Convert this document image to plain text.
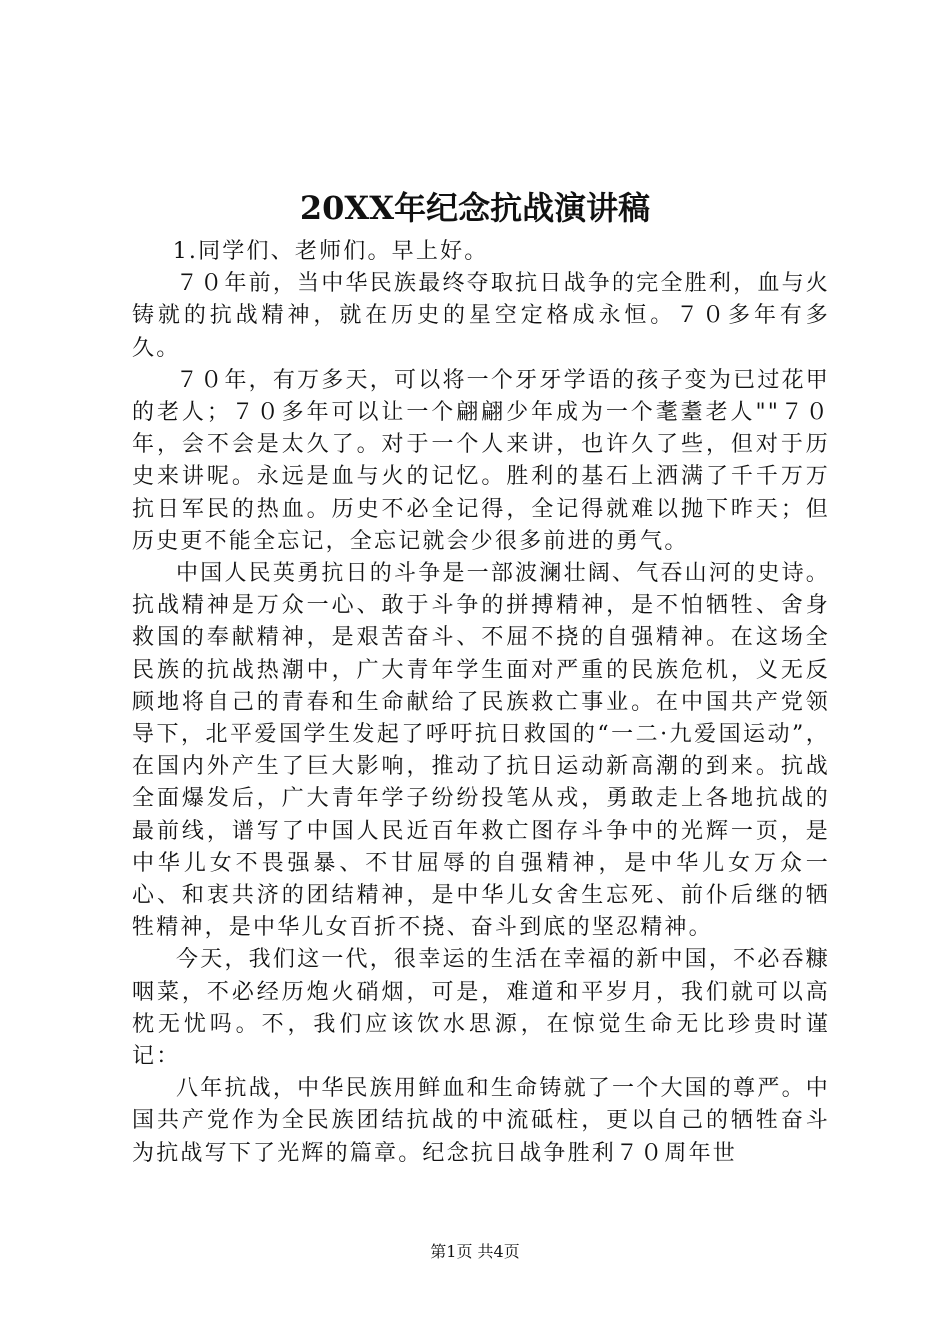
20XX年纪念抗战演讲稿

1.同学们、老师们。早上好。

７０年前，当中华民族最终夺取抗日战争的完全胜利，血与火铸就的抗战精神，就在历史的星空定格成永恒。７０多年有多久。

７０年，有万多天，可以将一个牙牙学语的孩子变为已过花甲的老人；７０多年可以让一个翩翩少年成为一个耄耋老人""７０年，会不会是太久了。对于一个人来讲，也许久了些，但对于历史来讲呢。永远是血与火的记忆。胜利的基石上洒满了千千万万抗日军民的热血。历史不必全记得，全记得就难以抛下昨天；但历史更不能全忘记，全忘记就会少很多前进的勇气。

中国人民英勇抗日的斗争是一部波澜壮阔、气吞山河的史诗。抗战精神是万众一心、敢于斗争的拼搏精神，是不怕牺牲、舍身救国的奉献精神，是艰苦奋斗、不屈不挠的自强精神。在这场全民族的抗战热潮中，广大青年学生面对严重的民族危机，义无反顾地将自己的青春和生命献给了民族救亡事业。在中国共产党领导下，北平爱国学生发起了呼吁抗日救国的“一二·九爱国运动”，在国内外产生了巨大影响，推动了抗日运动新高潮的到来。抗战全面爆发后，广大青年学子纷纷投笔从戎，勇敢走上各地抗战的最前线，谱写了中国人民近百年救亡图存斗争中的光辉一页，是中华儿女不畏强暴、不甘屈辱的自强精神，是中华儿女万众一心、和衷共济的团结精神，是中华儿女舍生忘死、前仆后继的牺牲精神，是中华儿女百折不挠、奋斗到底的坚忍精神。

今天，我们这一代，很幸运的生活在幸福的新中国，不必吞糠咽菜，不必经历炮火硝烟，可是，难道和平岁月，我们就可以高枕无忧吗。不，我们应该饮水思源，在惊觉生命无比珍贵时谨记：

八年抗战，中华民族用鲜血和生命铸就了一个大国的尊严。中国共产党作为全民族团结抗战的中流砥柱，更以自己的牺牲奋斗为抗战写下了光辉的篇章。纪念抗日战争胜利７０周年世

第1页 共4页
